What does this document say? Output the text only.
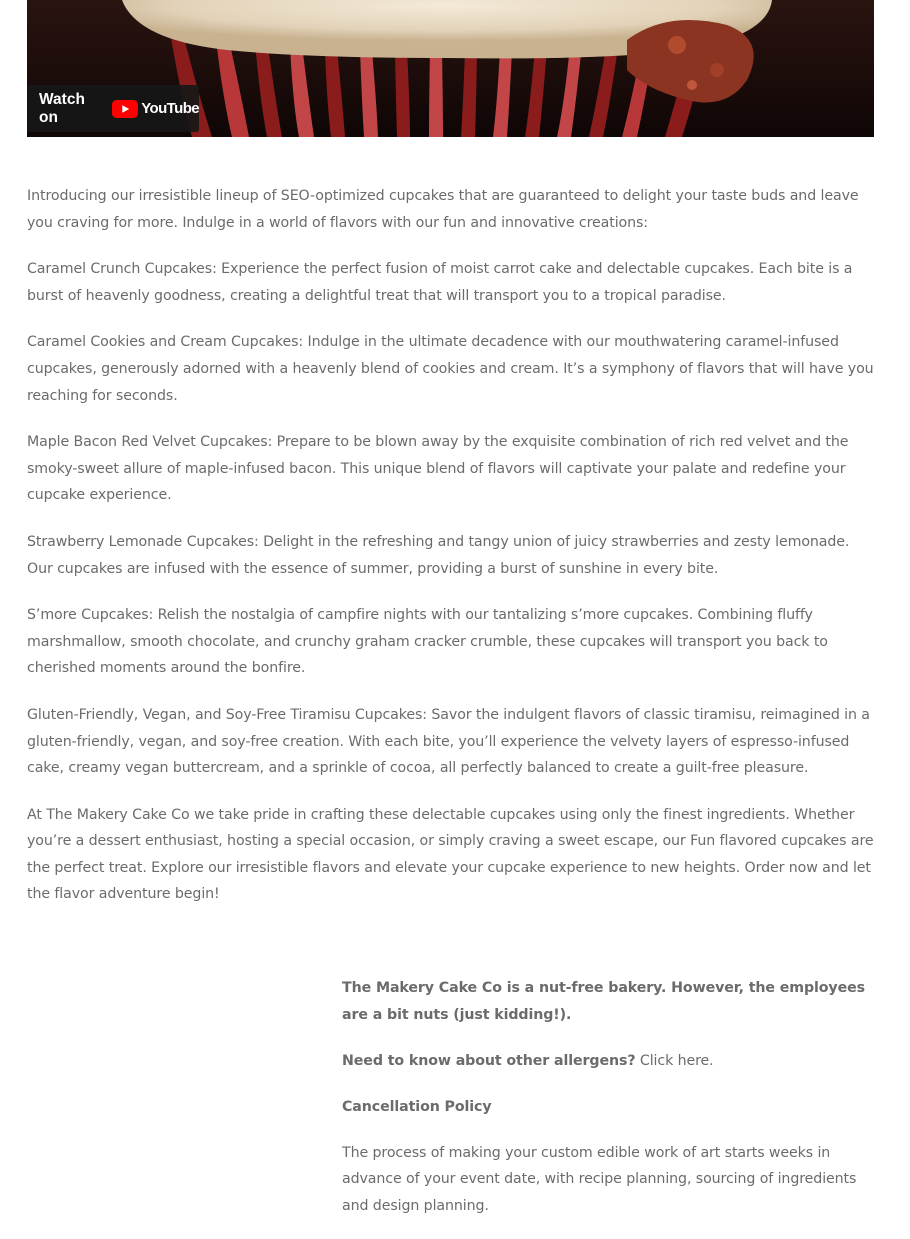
Watch on	YouTube

Introducing our irresistible lineup of SEO-optimized cupcakes that are guaranteed to delight your taste buds and leave you craving for more. Indulge in a world of flavors with our fun and innovative creations:

Caramel Crunch Cupcakes: Experience the perfect fusion of moist carrot cake and delectable cupcakes. Each bite is a burst of heavenly goodness, creating a delightful treat that will transport you to a tropical paradise.

Caramel Cookies and Cream Cupcakes: Indulge in the ultimate decadence with our mouthwatering caramel-infused cupcakes, generously adorned with a heavenly blend of cookies and cream. It’s a symphony of flavors that will have you reaching for seconds.

Maple Bacon Red Velvet Cupcakes: Prepare to be blown away by the exquisite combination of rich red velvet and the smoky-sweet allure of maple-infused bacon. This unique blend of flavors will captivate your palate and redefine your cupcake experience.

Strawberry Lemonade Cupcakes: Delight in the refreshing and tangy union of juicy strawberries and zesty lemonade. Our cupcakes are infused with the essence of summer, providing a burst of sunshine in every bite.

S’more Cupcakes: Relish the nostalgia of campfire nights with our tantalizing s’more cupcakes. Combining fluffy marshmallow, smooth chocolate, and crunchy graham cracker crumble, these cupcakes will transport you back to cherished moments around the bonfire.

Gluten-Friendly, Vegan, and Soy-Free Tiramisu Cupcakes: Savor the indulgent flavors of classic tiramisu, reimagined in a gluten-friendly, vegan, and soy-free creation. With each bite, you’ll experience the velvety layers of espresso-infused cake, creamy vegan buttercream, and a sprinkle of cocoa, all perfectly balanced to create a guilt-free pleasure.

At The Makery Cake Co we take pride in crafting these delectable cupcakes using only the finest ingredients. Whether you’re a dessert enthusiast, hosting a special occasion, or simply craving a sweet escape, our Fun flavored cupcakes are the perfect treat. Explore our irresistible flavors and elevate your cupcake experience to new heights. Order now and let the flavor adventure begin!

The Makery Cake Co is a nut-free bakery. However, the employees are a bit nuts (just kidding!).

Need to know about other allergens? Click here.

Cancellation Policy

The process of making your custom edible work of art starts weeks in advance of your event date, with recipe planning, sourcing of ingredients and design planning.
